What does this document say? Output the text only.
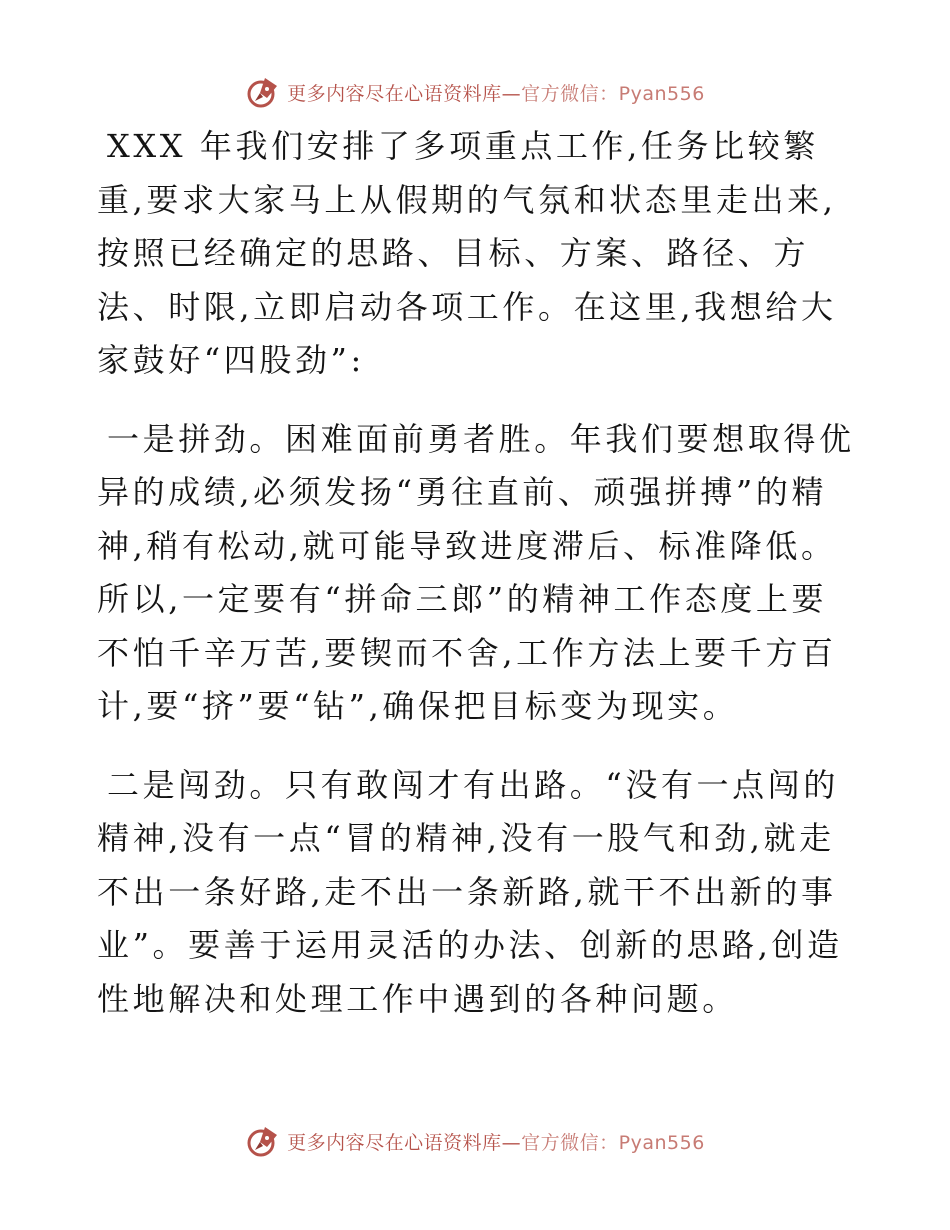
更多内容尽在心语资料库—官方微信：Pyan556

XXX 年我们安排了多项重点工作,任务比较繁重,要求大家马上从假期的气氛和状态里走出来,按照已经确定的思路、目标、方案、路径、方法、时限,立即启动各项工作。在这里,我想给大家鼓好“四股劲”:

一是拼劲。困难面前勇者胜。年我们要想取得优异的成绩,必须发扬“勇往直前、顽强拼搏”的精神,稍有松动,就可能导致进度滞后、标准降低。所以,一定要有“拼命三郎”的精神工作态度上要不怕千辛万苦,要锲而不舍,工作方法上要千方百计,要“挤”要“钻”,确保把目标变为现实。

二是闯劲。只有敢闯才有出路。“没有一点闯的精神,没有一点“冒的精神,没有一股气和劲,就走不出一条好路,走不出一条新路,就干不出新的事业”。要善于运用灵活的办法、创新的思路,创造性地解决和处理工作中遇到的各种问题。

更多内容尽在心语资料库—官方微信：Pyan556
